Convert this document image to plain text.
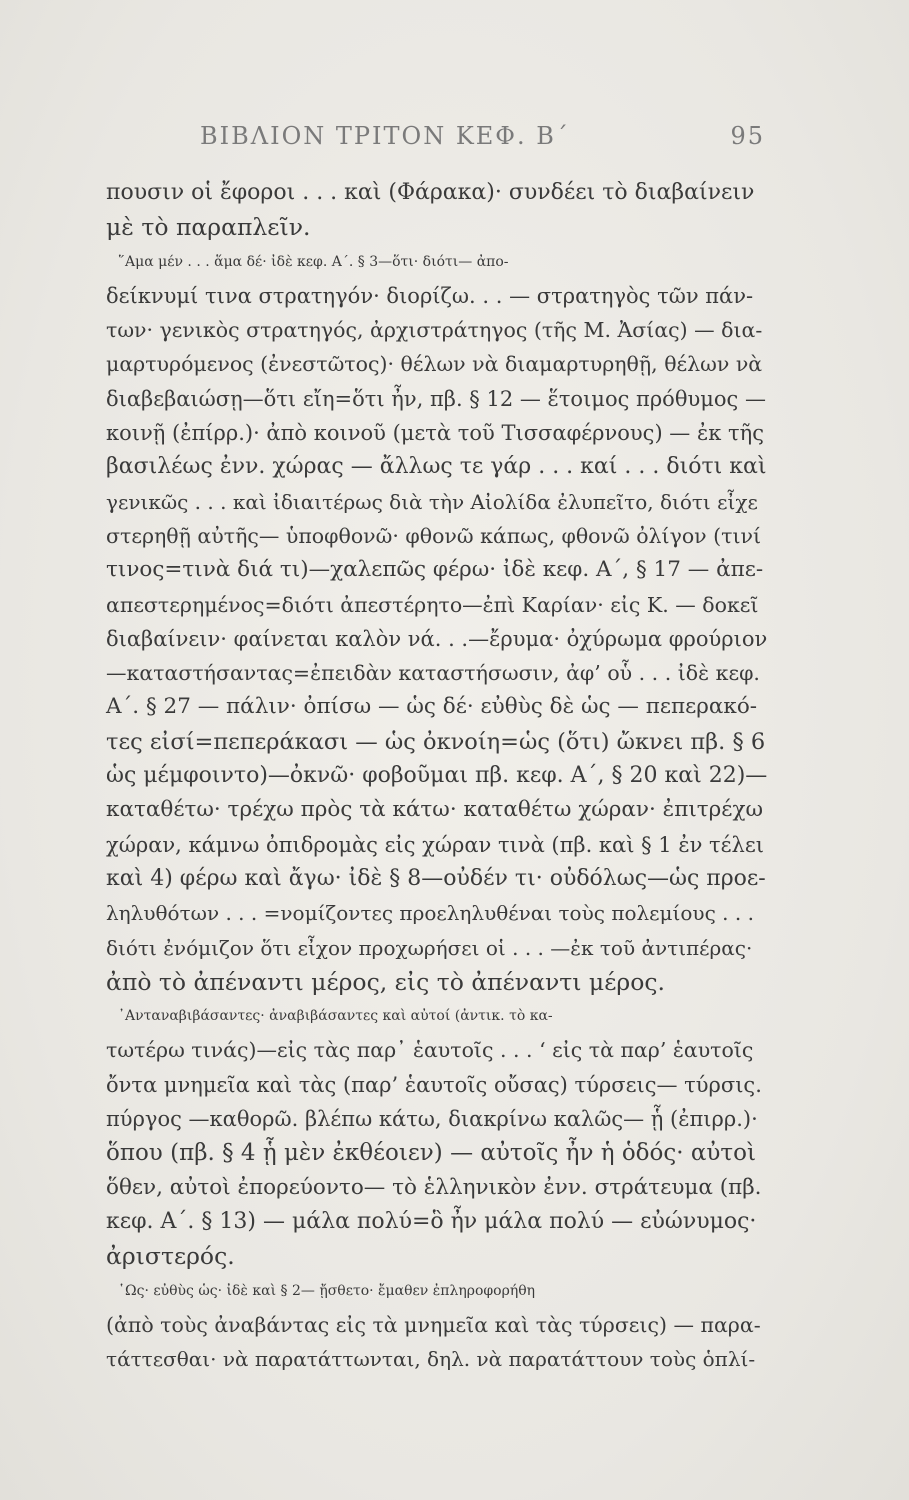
ΒΙΒΛΙΟΝ ΤΡΙΤΟΝ ΚΕΦ. Β΄	95
πουσιν οἱ ἔφοροι . . . καὶ (Φάρακα)· συνδέει τὸ διαβαίνειν
μὲ τὸ παραπλεῖν.
῞Αμα μέν . . . ἅμα δέ· ἰδὲ κεφ. Α΄. § 3—ὅτι· διότι— ἀπο-
δείκνυμί τινα στρατηγόν· διορίζω. . . — στρατηγὸς τῶν πάν-
των· γενικὸς στρατηγός, ἀρχιστράτηγος (τῆς Μ. Ἀσίας) — δια-
μαρτυρόμενος (ἐνεστῶτος)· θέλων νὰ διαμαρτυρηθῇ, θέλων νὰ
διαβεβαιώσῃ—ὅτι εἴη=ὅτι ἦν, πβ. § 12 — ἕτοιμος πρόθυμος —
κοινῇ (ἐπίρρ.)· ἀπὸ κοινοῦ (μετὰ τοῦ Τισσαφέρνους) — ἐκ τῆς
βασιλέως ἐνν. χώρας — ἄλλως τε γάρ . . . καί . . . διότι καὶ
γενικῶς . . . καὶ ἰδιαιτέρως διὰ τὴν Αἰολίδα ἐλυπεῖτο, διότι εἶχε
στερηθῇ αὐτῆς— ὑποφθονῶ· φθονῶ κάπως, φθονῶ ὀλίγον (τινί
τινος=τινὰ διά τι)—χαλεπῶς φέρω· ἰδὲ κεφ. Α΄, § 17 — ἀπε-
απεστερημένος=διότι ἀπεστέρητο—ἐπὶ Καρίαν· εἰς Κ. — δοκεῖ
διαβαίνειν· φαίνεται καλὸν νά. . .—ἔρυμα· ὀχύρωμα φρούριον
—καταστήσαντας=ἐπειδὰν καταστήσωσιν, ἀφ’ οὗ . . . ἰδὲ κεφ.
Α΄. § 27 — πάλιν· ὀπίσω — ὡς δέ· εὐθὺς δὲ ὡς — πεπερακό-
τες εἰσί=πεπεράκασι — ὡς ὀκνοίη=ὡς (ὅτι) ὤκνει πβ. § 6
ὡς μέμφοιντο)—ὀκνῶ· φοβοῦμαι πβ. κεφ. Α΄, § 20 καὶ 22)—
καταθέτω· τρέχω πρὸς τὰ κάτω· καταθέτω χώραν· ἐπιτρέχω
χώραν, κάμνω ὀπιδρομὰς εἰς χώραν τινὰ (πβ. καὶ § 1 ἐν τέλει
καὶ 4) φέρω καὶ ἄγω· ἰδὲ § 8—οὐδέν τι· οὐδόλως—ὡς προε-
ληλυθότων . . . =νομίζοντες προεληλυθέναι τοὺς πολεμίους . . .
διότι ἐνόμιζον ὅτι εἶχον προχωρήσει οἱ . . . —ἐκ τοῦ ἀντιπέρας·
ἀπὸ τὸ ἀπέναντι μέρος, εἰς τὸ ἀπέναντι μέρος.
᾿Ανταναβιβάσαντες· ἀναβιβάσαντες καὶ αὐτοί (ἀντικ. τὸ κα-
τωτέρω τινάς)—εἰς τὰς παρ᾽ ἑαυτοῖς . . . ‘ εἰς τὰ παρ’ ἑαυτοῖς
ὄντα μνημεῖα καὶ τὰς (παρ’ ἑαυτοῖς οὔσας) τύρσεις— τύρσις.
πύργος —καθορῶ. βλέπω κάτω, διακρίνω καλῶς— ᾗ (ἐπιρρ.)·
ὅπου (πβ. § 4 ᾗ μὲν ἐκθέοιεν) — αὐτοῖς ἦν ἡ ὁδός· αὐτοὶ
ὅθεν, αὐτοὶ ἐπορεύοντο— τὸ ἑλληνικὸν ἐνν. στράτευμα (πβ.
κεφ. Α΄. § 13) — μάλα πολύ=ὃ ἦν μάλα πολύ — εὐώνυμος·
ἀριστερός.
῾Ως· εὐθὺς ὡς· ἰδὲ καὶ § 2— ᾔσθετο· ἔμαθεν ἐπληροφορήθη
(ἀπὸ τοὺς ἀναβάντας εἰς τὰ μνημεῖα καὶ τὰς τύρσεις) — παρα-
τάττεσθαι· νὰ παρατάττωνται, δηλ. νὰ παρατάττουν τοὺς ὁπλί-
